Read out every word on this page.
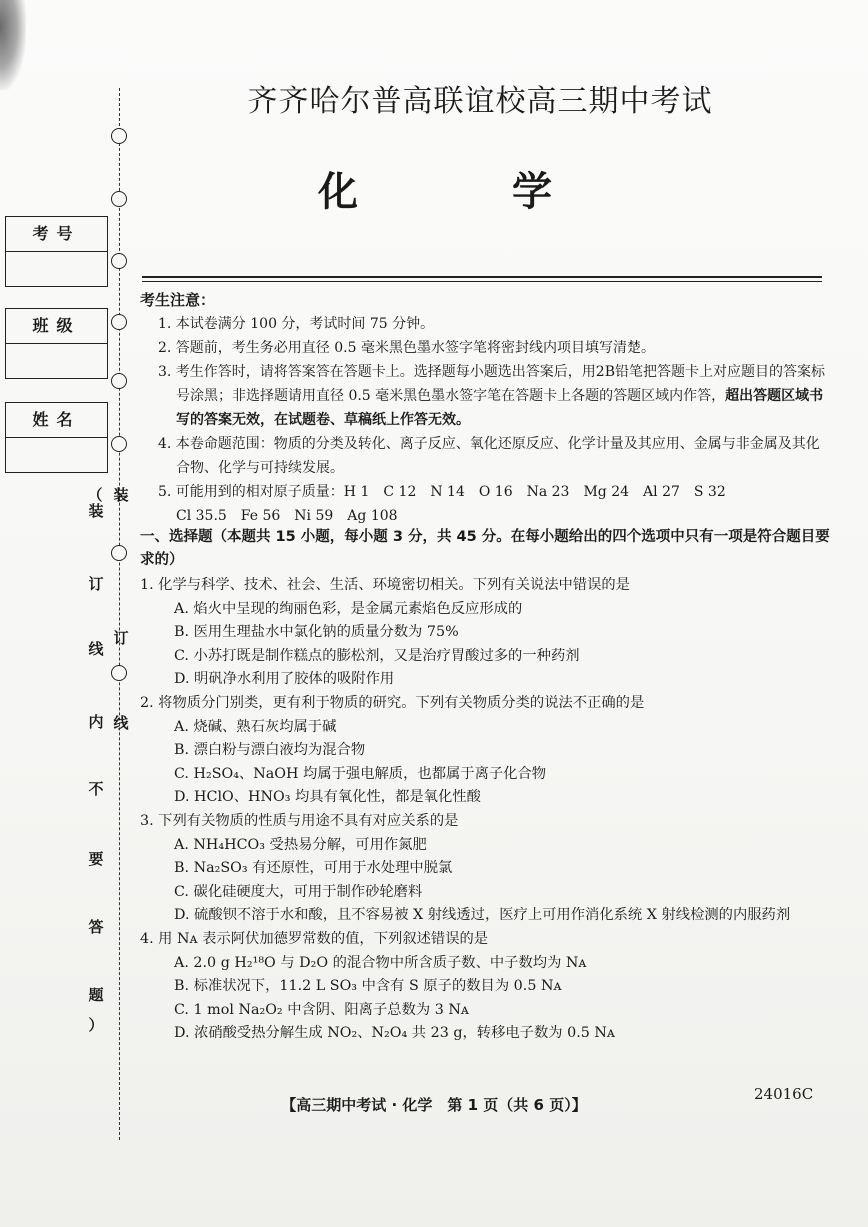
考号
班级
姓名
（
装
订
线
内
不
要
答
题
）
装
订
线
齐齐哈尔普高联谊校高三期中考试
化 学
考生注意：
1. 本试卷满分 100 分，考试时间 75 分钟。
2. 答题前，考生务必用直径 0.5 毫米黑色墨水签字笔将密封线内项目填写清楚。
3. 考生作答时，请将答案答在答题卡上。选择题每小题选出答案后，用2B铅笔把答题卡上对应题目的答案标号涂黑；非选择题请用直径 0.5 毫米黑色墨水签字笔在答题卡上各题的答题区域内作答，超出答题区域书写的答案无效，在试题卷、草稿纸上作答无效。
4. 本卷命题范围：物质的分类及转化、离子反应、氧化还原反应、化学计量及其应用、金属与非金属及其化合物、化学与可持续发展。
5. 可能用到的相对原子质量：H 1　C 12　N 14　O 16　Na 23　Mg 24　Al 27　S 32
Cl 35.5　Fe 56　Ni 59　Ag 108
一、选择题（本题共 15 小题，每小题 3 分，共 45 分。在每小题给出的四个选项中只有一项是符合题目要求的）
1. 化学与科学、技术、社会、生活、环境密切相关。下列有关说法中错误的是
A. 焰火中呈现的绚丽色彩，是金属元素焰色反应形成的
B. 医用生理盐水中氯化钠的质量分数为 75%
C. 小苏打既是制作糕点的膨松剂，又是治疗胃酸过多的一种药剂
D. 明矾净水利用了胶体的吸附作用
2. 将物质分门别类，更有利于物质的研究。下列有关物质分类的说法不正确的是
A. 烧碱、熟石灰均属于碱
B. 漂白粉与漂白液均为混合物
C. H₂SO₄、NaOH 均属于强电解质，也都属于离子化合物
D. HClO、HNO₃ 均具有氧化性，都是氧化性酸
3. 下列有关物质的性质与用途不具有对应关系的是
A. NH₄HCO₃ 受热易分解，可用作氮肥
B. Na₂SO₃ 有还原性，可用于水处理中脱氯
C. 碳化硅硬度大，可用于制作砂轮磨料
D. 硫酸钡不溶于水和酸，且不容易被 X 射线透过，医疗上可用作消化系统 X 射线检测的内服药剂
4. 用 Nᴀ 表示阿伏加德罗常数的值，下列叙述错误的是
A. 2.0 g H₂¹⁸O 与 D₂O 的混合物中所含质子数、中子数均为 Nᴀ
B. 标准状况下，11.2 L SO₃ 中含有 S 原子的数目为 0.5 Nᴀ
C. 1 mol Na₂O₂ 中含阴、阳离子总数为 3 Nᴀ
D. 浓硝酸受热分解生成 NO₂、N₂O₄ 共 23 g，转移电子数为 0.5 Nᴀ
【高三期中考试 · 化学　第 1 页（共 6 页）】
24016C
